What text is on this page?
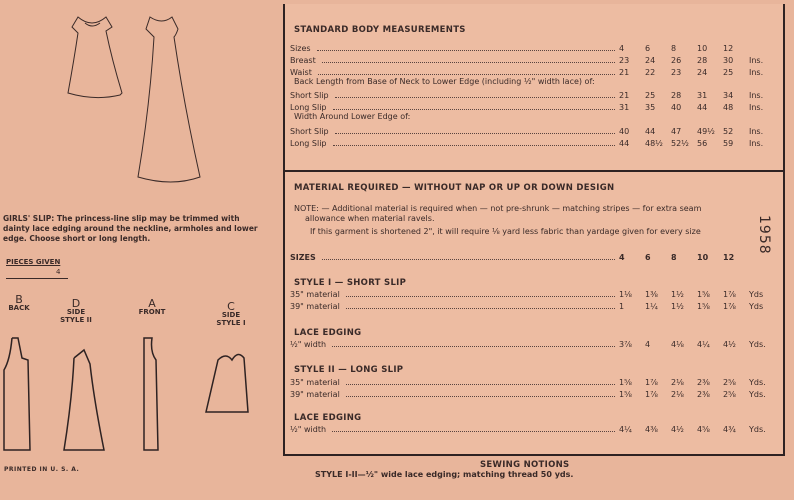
STANDARD BODY MEASUREMENTS
Sizes	4	6	8	10	12
Breast	23	24	26	28	30	Ins.
Waist	21	22	23	24	25	Ins.
Back Length from Base of Neck to Lower Edge (including ½" width lace) of:
Short Slip	21	25	28	31	34	Ins.
Long Slip	31	35	40	44	48	Ins.
Width Around Lower Edge of:
Short Slip	40	44	47	49½	52	Ins.
Long Slip	44	48½	52½	56	59	Ins.
MATERIAL REQUIRED — WITHOUT NAP OR UP OR DOWN DESIGN
NOTE: — Additional material is required when — not pre-shrunk — matching stripes — for extra seam
allowance when material ravels.
If this garment is shortened 2", it will require ⅛ yard less fabric than yardage given for every size
SIZES	4	6	8	10	12
STYLE I — SHORT SLIP
35" material	1⅛	1⅜	1½	1⅝	1⅞	Yds
39" material	1	1¼	1½	1⅝	1⅞	Yds
LACE EDGING
½" width	3⅞	4	4⅛	4¼	4½	Yds.
STYLE II — LONG SLIP
35" material	1⅝	1⅞	2⅛	2⅜	2⅝	Yds.
39" material	1⅝	1⅞	2⅛	2⅜	2⅝	Yds.
LACE EDGING
½" width	4¼	4⅜	4½	4⅝	4¾	Yds.
1958
SEWING NOTIONS
STYLE I-II—½" wide lace edging; matching thread 50 yds.
GIRLS' SLIP: The princess-line slip may be trimmed with dainty lace edging around the neckline, armholes and lower edge. Choose short or long length.
PIECES GIVEN
4
B
BACK	D
SIDE STYLE II
A
FRONT	C
SIDE STYLE I
PRINTED IN U. S. A.
